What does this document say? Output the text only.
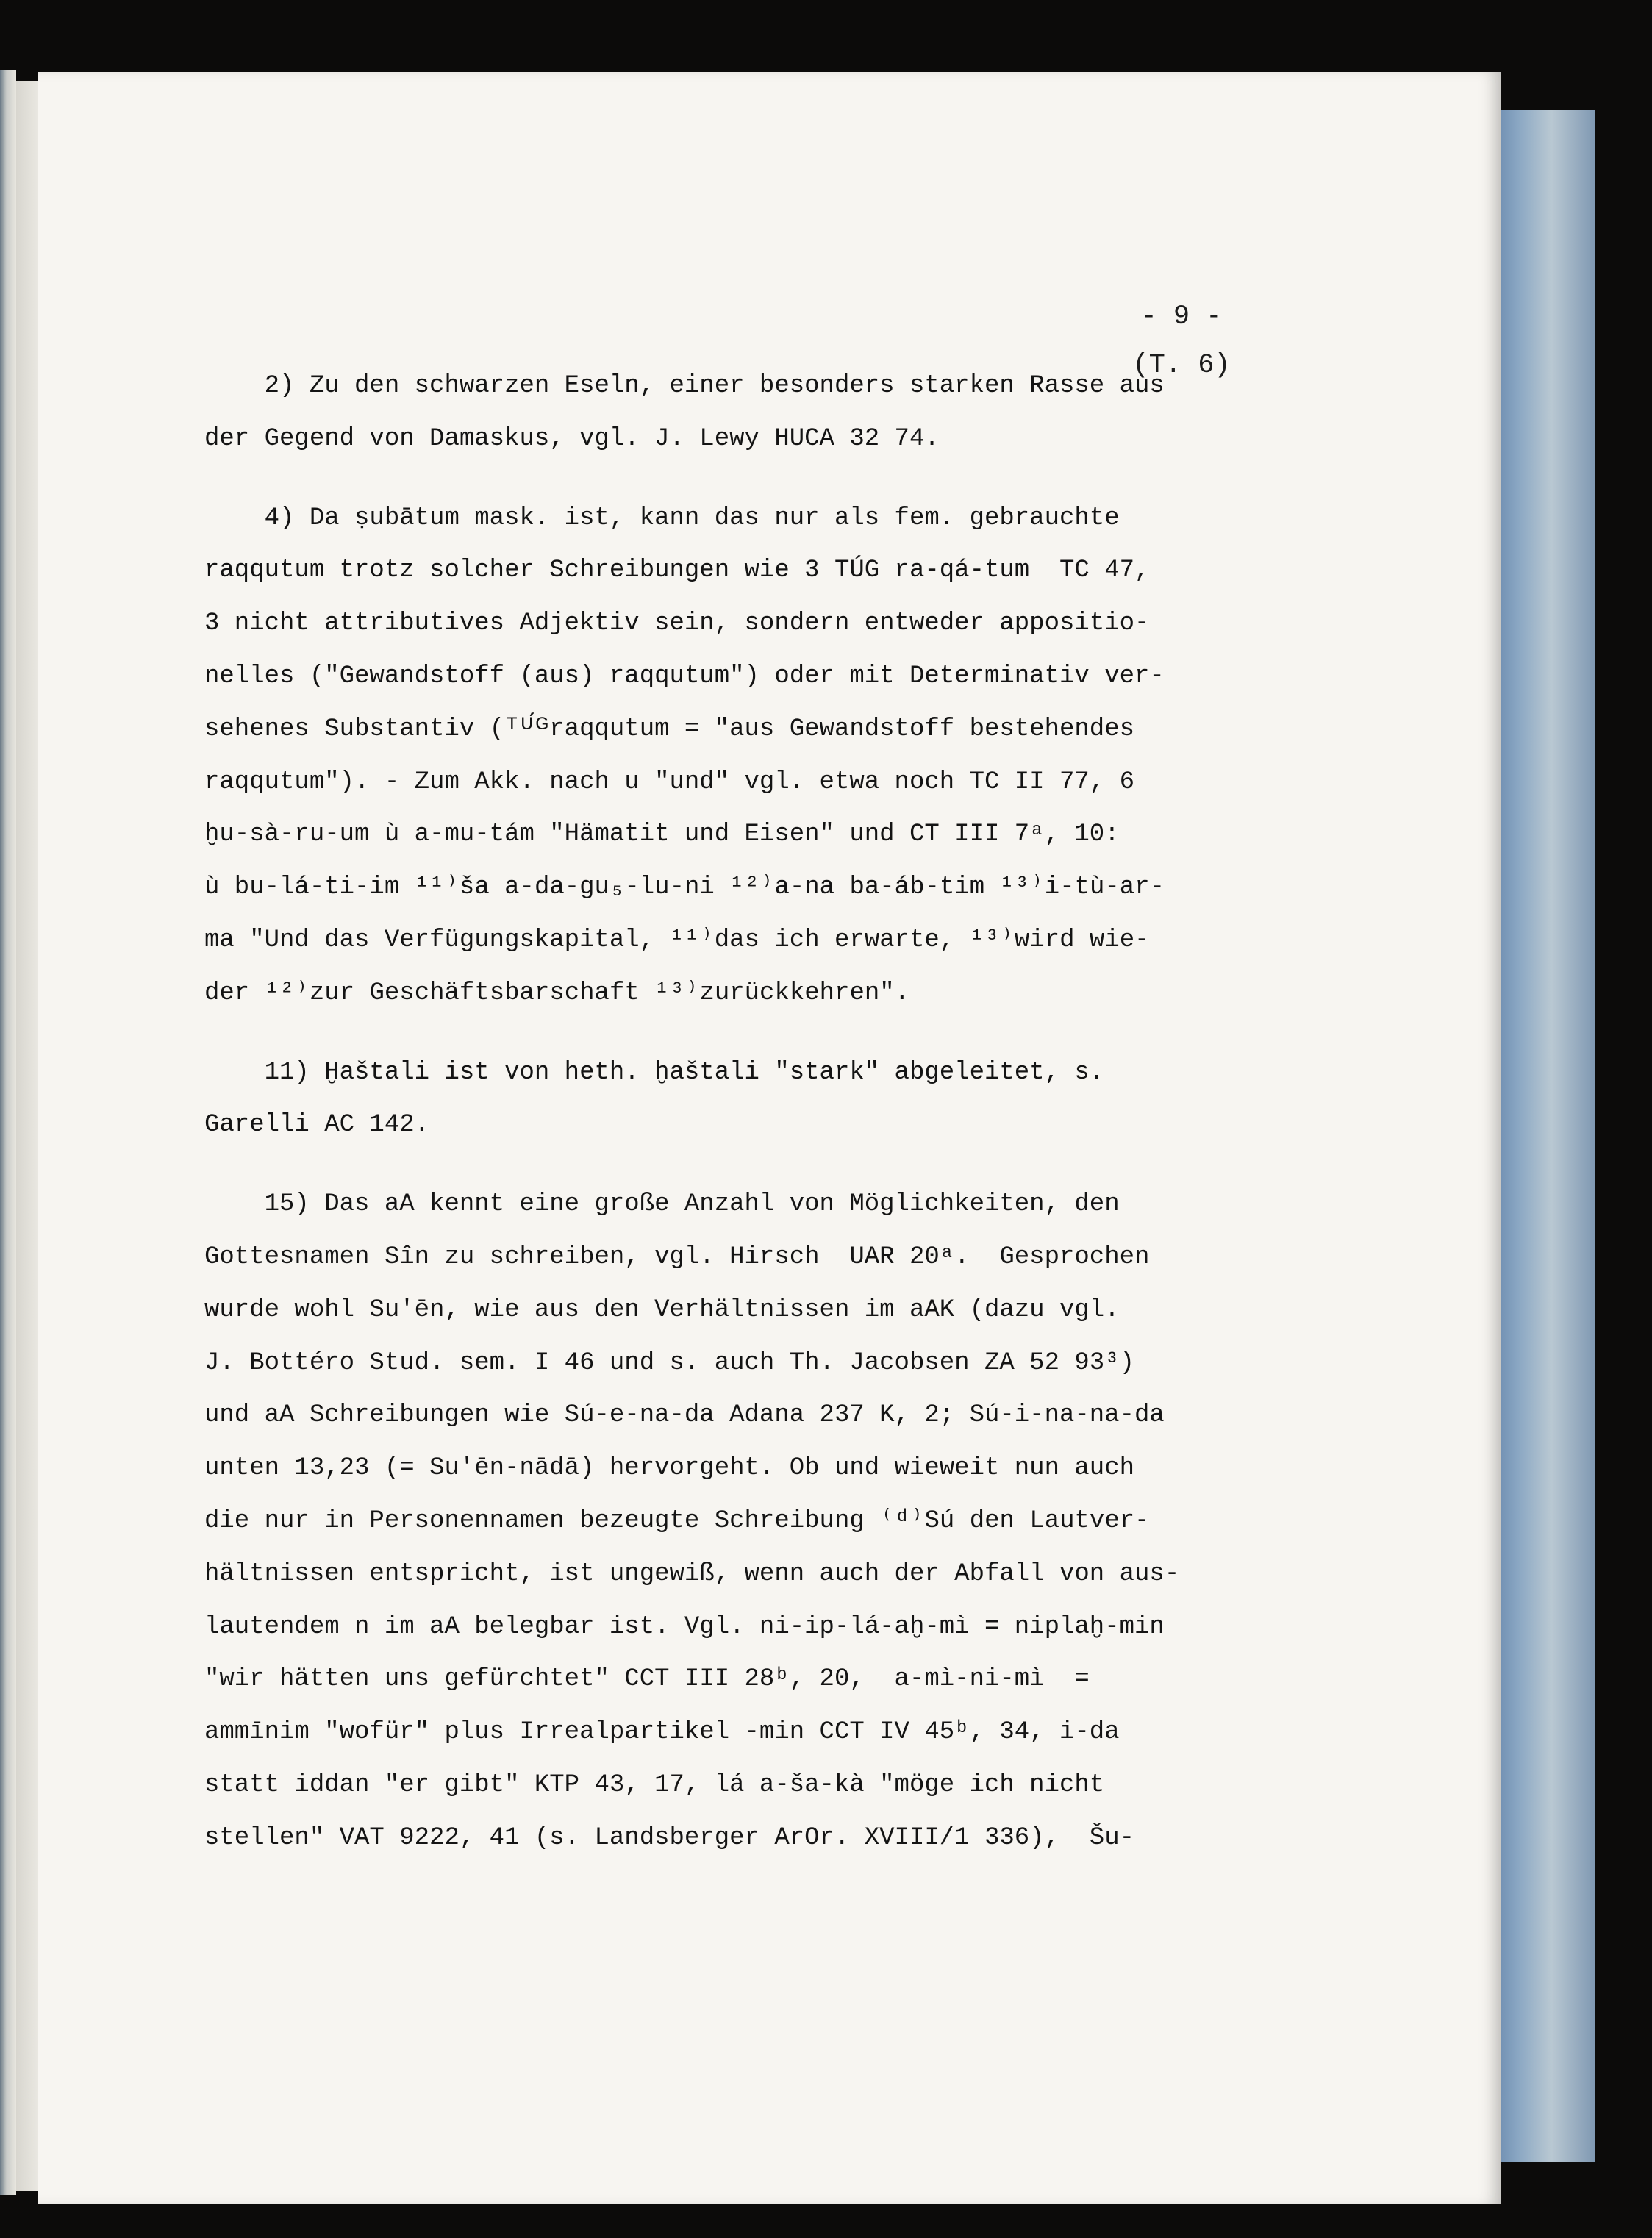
- 9 -
(T. 6)
2) Zu den schwarzen Eseln, einer besonders starken Rasse aus
der Gegend von Damaskus, vgl. J. Lewy HUCA 32 74.
4) Da ṣubātum mask. ist, kann das nur als fem. gebrauchte
raqqutum trotz solcher Schreibungen wie 3 TÚG ra-qá-tum  TC 47,
3 nicht attributives Adjektiv sein, sondern entweder appositio-
nelles ("Gewandstoff (aus) raqqutum") oder mit Determinativ ver-
sehenes Substantiv (ᵀᵁ́ᴳraqqutum = "aus Gewandstoff bestehendes
raqqutum"). - Zum Akk. nach u "und" vgl. etwa noch TC II 77, 6
ḫu-sà-ru-um ù a-mu-tám "Hämatit und Eisen" und CT III 7ᵃ, 10:
ù bu-lá-ti-im ¹¹⁾ša a-da-gu₅-lu-ni ¹²⁾a-na ba-áb-tim ¹³⁾i-tù-ar-
ma "Und das Verfügungskapital, ¹¹⁾das ich erwarte, ¹³⁾wird wie-
der ¹²⁾zur Geschäftsbarschaft ¹³⁾zurückkehren".
11) Ḫaštali ist von heth. ḫaštali "stark" abgeleitet, s.
Garelli AC 142.
15) Das aA kennt eine große Anzahl von Möglichkeiten, den
Gottesnamen Sîn zu schreiben, vgl. Hirsch  UAR 20ᵃ.  Gesprochen
wurde wohl Su'ēn, wie aus den Verhältnissen im aAK (dazu vgl.
J. Bottéro Stud. sem. I 46 und s. auch Th. Jacobsen ZA 52 93³)
und aA Schreibungen wie Sú-e-na-da Adana 237 K, 2; Sú-i-na-na-da
unten 13,23 (= Su'ēn-nādā) hervorgeht. Ob und wieweit nun auch
die nur in Personennamen bezeugte Schreibung ⁽ᵈ⁾Sú den Lautver-
hältnissen entspricht, ist ungewiß, wenn auch der Abfall von aus-
lautendem n im aA belegbar ist. Vgl. ni-ip-lá-aḫ-mì = niplaḫ-min
"wir hätten uns gefürchtet" CCT III 28ᵇ, 20,  a-mì-ni-mì  =
ammīnim "wofür" plus Irrealpartikel -min CCT IV 45ᵇ, 34, i-da
statt iddan "er gibt" KTP 43, 17, lá a-ša-kà "möge ich nicht
stellen" VAT 9222, 41 (s. Landsberger ArOr. XVIII/1 336),  Šu-
